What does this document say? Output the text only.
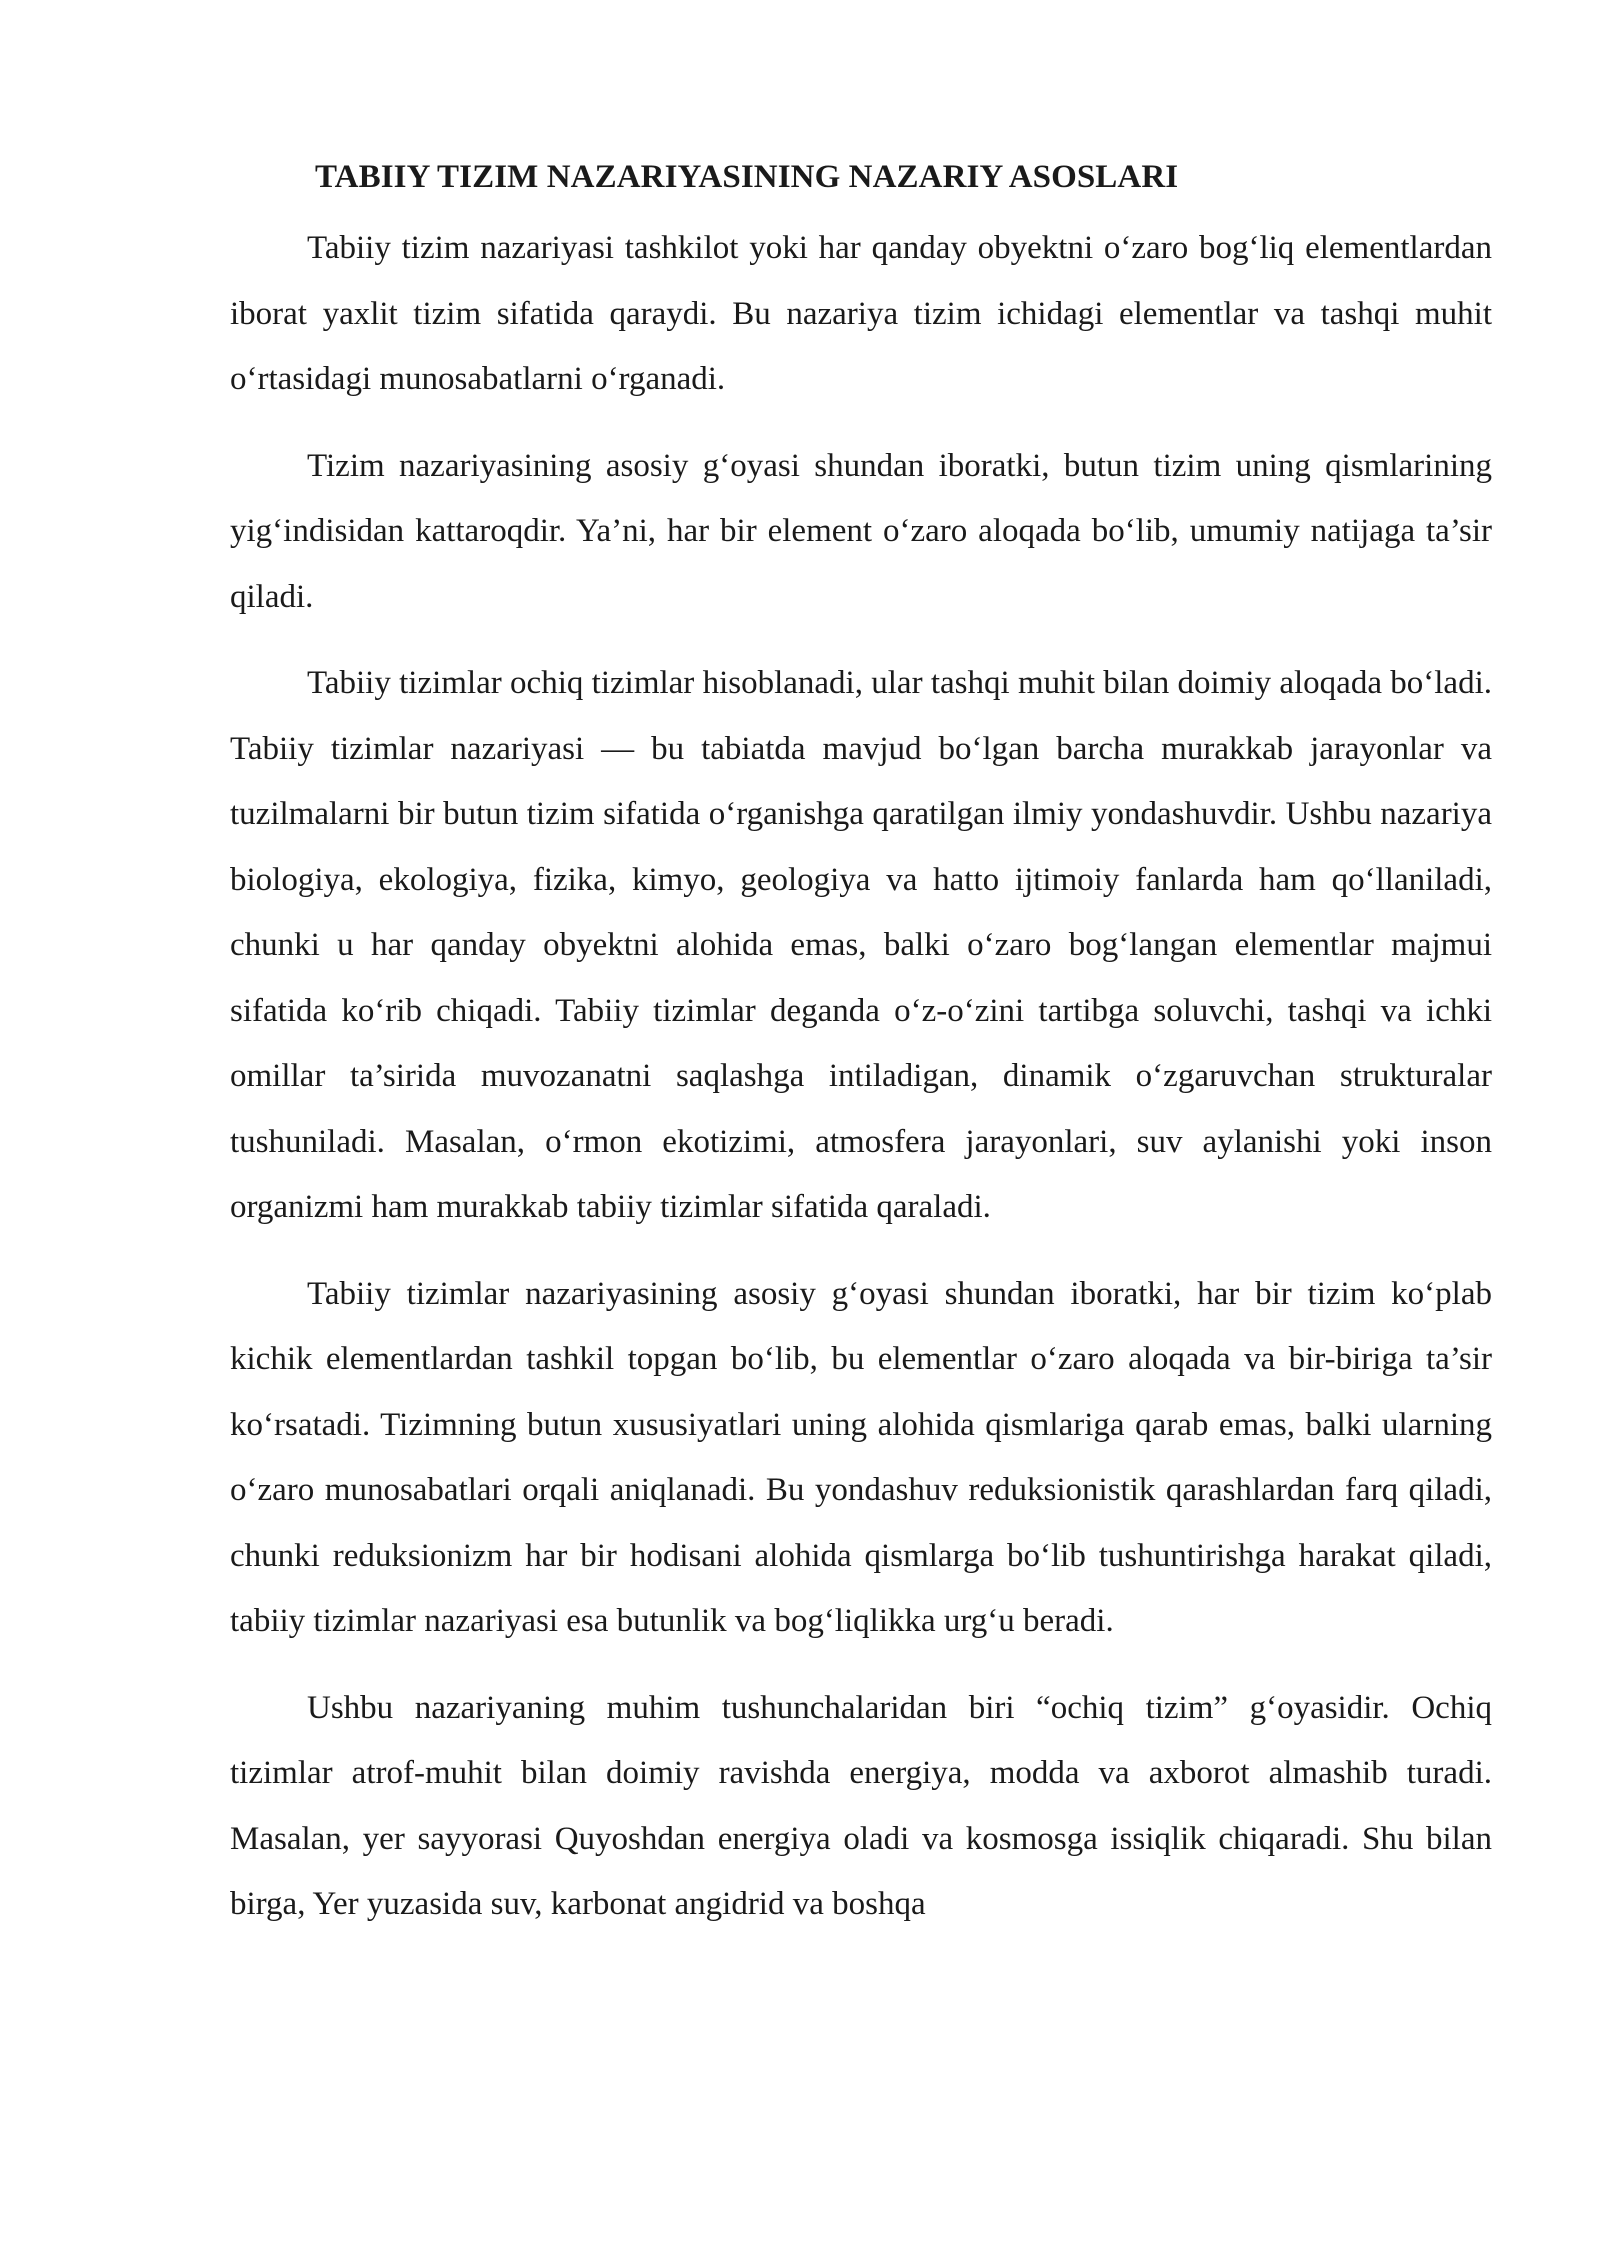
TABIIY TIZIM NAZARIYASINING NAZARIY ASOSLARI

Tabiiy tizim nazariyasi tashkilot yoki har qanday obyektni o‘zaro bog‘liq elementlardan iborat yaxlit tizim sifatida qaraydi. Bu nazariya tizim ichidagi elementlar va tashqi muhit o‘rtasidagi munosabatlarni o‘rganadi.

Tizim nazariyasining asosiy g‘oyasi shundan iboratki, butun tizim uning qismlarining yig‘indisidan kattaroqdir. Ya’ni, har bir element o‘zaro aloqada bo‘lib, umumiy natijaga ta’sir qiladi.

Tabiiy tizimlar ochiq tizimlar hisoblanadi, ular tashqi muhit bilan doimiy aloqada bo‘ladi. Tabiiy tizimlar nazariyasi — bu tabiatda mavjud bo‘lgan barcha murakkab jarayonlar va tuzilmalarni bir butun tizim sifatida o‘rganishga qaratilgan ilmiy yondashuvdir. Ushbu nazariya biologiya, ekologiya, fizika, kimyo, geologiya va hatto ijtimoiy fanlarda ham qo‘llaniladi, chunki u har qanday obyektni alohida emas, balki o‘zaro bog‘langan elementlar majmui sifatida ko‘rib chiqadi. Tabiiy tizimlar deganda o‘z-o‘zini tartibga soluvchi, tashqi va ichki omillar ta’sirida muvozanatni saqlashga intiladigan, dinamik o‘zgaruvchan strukturalar tushuniladi. Masalan, o‘rmon ekotizimi, atmosfera jarayonlari, suv aylanishi yoki inson organizmi ham murakkab tabiiy tizimlar sifatida qaraladi.

Tabiiy tizimlar nazariyasining asosiy g‘oyasi shundan iboratki, har bir tizim ko‘plab kichik elementlardan tashkil topgan bo‘lib, bu elementlar o‘zaro aloqada va bir-biriga ta’sir ko‘rsatadi. Tizimning butun xususiyatlari uning alohida qismlariga qarab emas, balki ularning o‘zaro munosabatlari orqali aniqlanadi. Bu yondashuv reduksionistik qarashlardan farq qiladi, chunki reduksionizm har bir hodisani alohida qismlarga bo‘lib tushuntirishga harakat qiladi, tabiiy tizimlar nazariyasi esa butunlik va bog‘liqlikka urg‘u beradi.

Ushbu nazariyaning muhim tushunchalaridan biri “ochiq tizim” g‘oyasidir. Ochiq tizimlar atrof-muhit bilan doimiy ravishda energiya, modda va axborot almashib turadi. Masalan, yer sayyorasi Quyoshdan energiya oladi va kosmosga issiqlik chiqaradi. Shu bilan birga, Yer yuzasida suv, karbonat angidrid va boshqa
